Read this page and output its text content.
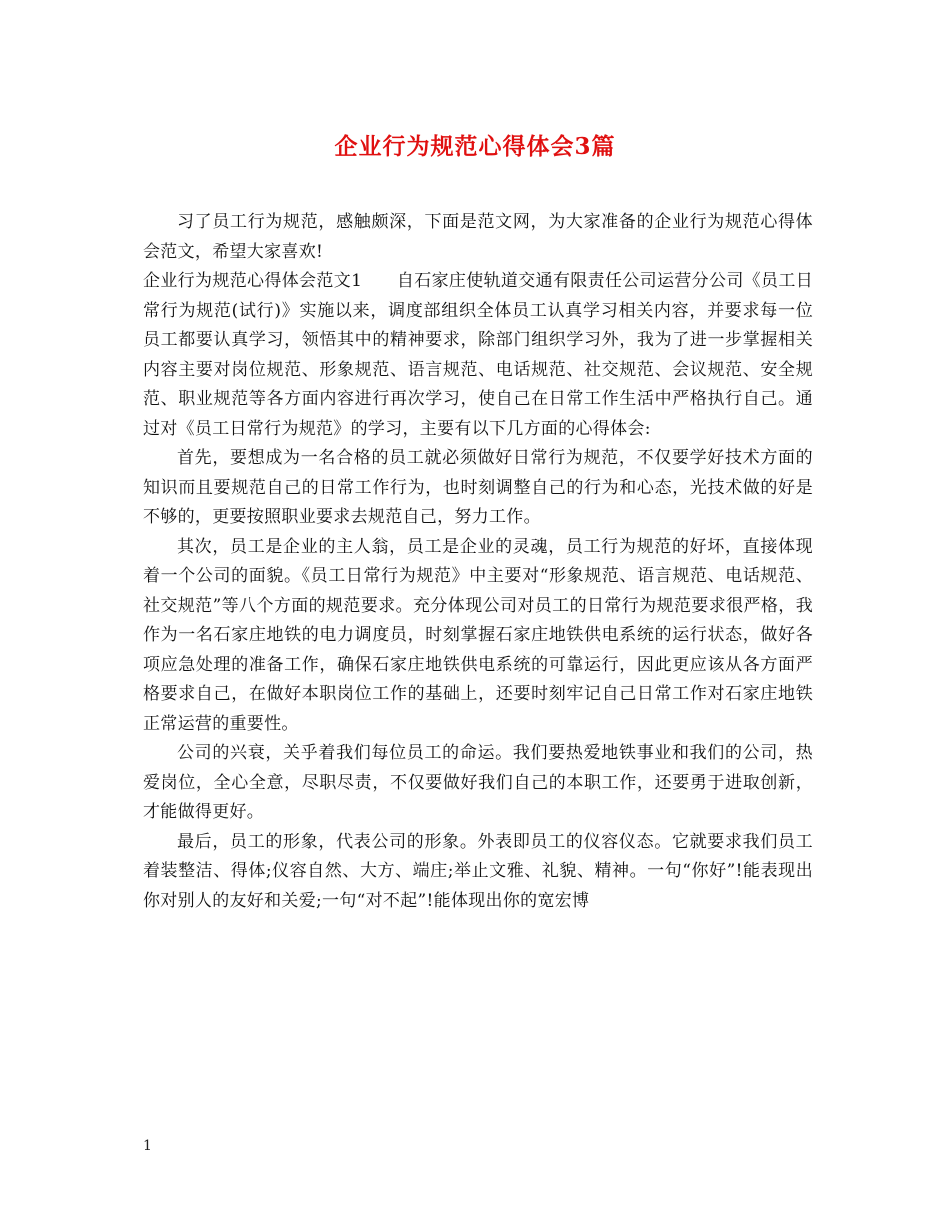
企业行为规范心得体会3篇

习了员工行为规范，感触颇深，下面是范文网，为大家准备的企业行为规范心得体会范文，希望大家喜欢!

企业行为规范心得体会范文1　　自石家庄使轨道交通有限责任公司运营分公司《员工日常行为规范(试行)》实施以来，调度部组织全体员工认真学习相关内容，并要求每一位员工都要认真学习，领悟其中的精神要求，除部门组织学习外，我为了进一步掌握相关内容主要对岗位规范、形象规范、语言规范、电话规范、社交规范、会议规范、安全规范、职业规范等各方面内容进行再次学习，使自己在日常工作生活中严格执行自己。通过对《员工日常行为规范》的学习，主要有以下几方面的心得体会:

首先，要想成为一名合格的员工就必须做好日常行为规范，不仅要学好技术方面的知识而且要规范自己的日常工作行为，也时刻调整自己的行为和心态，光技术做的好是不够的，更要按照职业要求去规范自己，努力工作。

其次，员工是企业的主人翁，员工是企业的灵魂，员工行为规范的好坏，直接体现着一个公司的面貌。《员工日常行为规范》中主要对“形象规范、语言规范、电话规范、社交规范”等八个方面的规范要求。充分体现公司对员工的日常行为规范要求很严格，我作为一名石家庄地铁的电力调度员，时刻掌握石家庄地铁供电系统的运行状态，做好各项应急处理的准备工作，确保石家庄地铁供电系统的可靠运行，因此更应该从各方面严格要求自己，在做好本职岗位工作的基础上，还要时刻牢记自己日常工作对石家庄地铁正常运营的重要性。

公司的兴衰，关乎着我们每位员工的命运。我们要热爱地铁事业和我们的公司，热爱岗位，全心全意，尽职尽责，不仅要做好我们自己的本职工作，还要勇于进取创新，才能做得更好。

最后，员工的形象，代表公司的形象。外表即员工的仪容仪态。它就要求我们员工着装整洁、得体;仪容自然、大方、端庄;举止文雅、礼貌、精神。一句“你好”!能表现出你对别人的友好和关爱;一句“对不起”!能体现出你的宽宏博

1
